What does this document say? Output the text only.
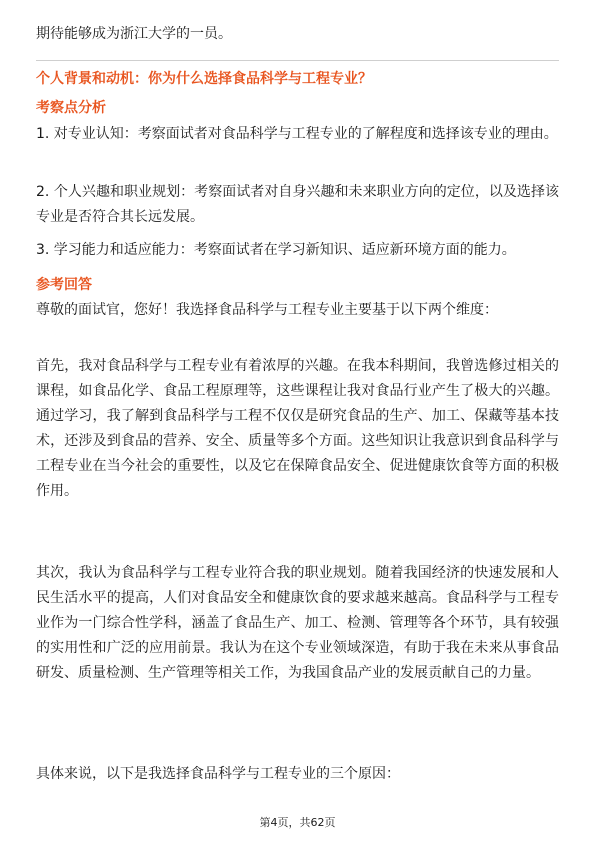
期待能够成为浙江大学的一员。

个人背景和动机：你为什么选择食品科学与工程专业？

考察点分析

1. 对专业认知：考察面试者对食品科学与工程专业的了解程度和选择该专业的理由。

2. 个人兴趣和职业规划：考察面试者对自身兴趣和未来职业方向的定位，以及选择该专业是否符合其长远发展。

3. 学习能力和适应能力：考察面试者在学习新知识、适应新环境方面的能力。

参考回答

尊敬的面试官，您好！我选择食品科学与工程专业主要基于以下两个维度：

首先，我对食品科学与工程专业有着浓厚的兴趣。在我本科期间，我曾选修过相关的课程，如食品化学、食品工程原理等，这些课程让我对食品行业产生了极大的兴趣。通过学习，我了解到食品科学与工程不仅仅是研究食品的生产、加工、保藏等基本技术，还涉及到食品的营养、安全、质量等多个方面。这些知识让我意识到食品科学与工程专业在当今社会的重要性，以及它在保障食品安全、促进健康饮食等方面的积极作用。

其次，我认为食品科学与工程专业符合我的职业规划。随着我国经济的快速发展和人民生活水平的提高，人们对食品安全和健康饮食的要求越来越高。食品科学与工程专业作为一门综合性学科，涵盖了食品生产、加工、检测、管理等各个环节，具有较强的实用性和广泛的应用前景。我认为在这个专业领域深造，有助于我在未来从事食品研发、质量检测、生产管理等相关工作，为我国食品产业的发展贡献自己的力量。

具体来说，以下是我选择食品科学与工程专业的三个原因：

第4页，共62页
